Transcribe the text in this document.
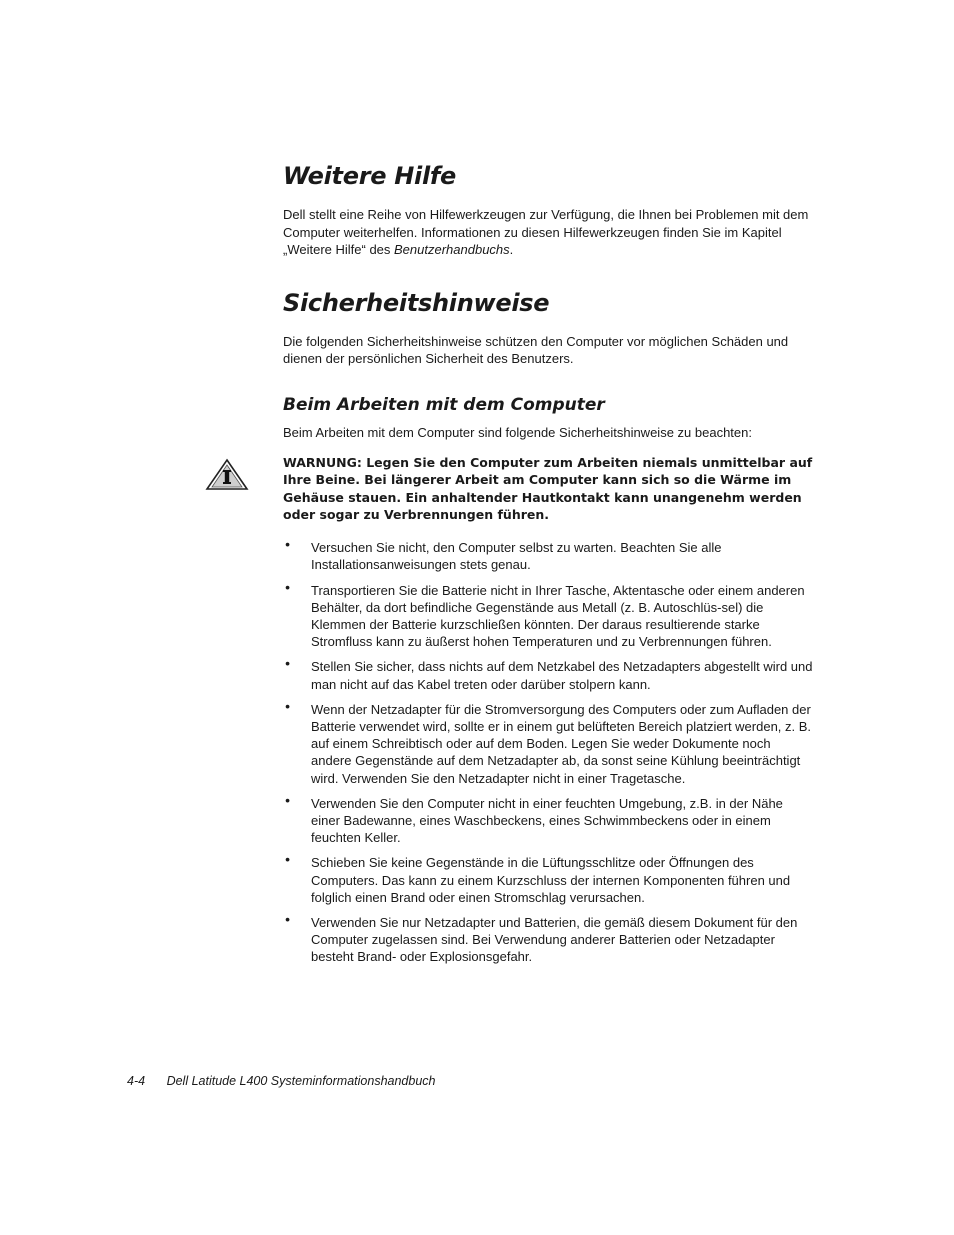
Weitere Hilfe

Dell stellt eine Reihe von Hilfewerkzeugen zur Verfügung, die Ihnen bei Problemen mit dem Computer weiterhelfen. Informationen zu diesen Hilfewerkzeugen finden Sie im Kapitel „Weitere Hilfe“ des Benutzerhandbuchs.

Sicherheitshinweise

Die folgenden Sicherheitshinweise schützen den Computer vor möglichen Schäden und dienen der persönlichen Sicherheit des Benutzers.

Beim Arbeiten mit dem Computer

Beim Arbeiten mit dem Computer sind folgende Sicherheitshinweise zu beachten:

WARNUNG: Legen Sie den Computer zum Arbeiten niemals unmittelbar auf Ihre Beine. Bei längerer Arbeit am Computer kann sich so die Wärme im Gehäuse stauen. Ein anhaltender Hautkontakt kann unangenehm werden oder sogar zu Verbrennungen führen.

• Versuchen Sie nicht, den Computer selbst zu warten. Beachten Sie alle Installationsanweisungen stets genau.
• Transportieren Sie die Batterie nicht in Ihrer Tasche, Aktentasche oder einem anderen Behälter, da dort befindliche Gegenstände aus Metall (z. B. Autoschlüs-sel) die Klemmen der Batterie kurzschließen könnten. Der daraus resultierende starke Stromfluss kann zu äußerst hohen Temperaturen und zu Verbrennungen führen.
• Stellen Sie sicher, dass nichts auf dem Netzkabel des Netzadapters abgestellt wird und man nicht auf das Kabel treten oder darüber stolpern kann.
• Wenn der Netzadapter für die Stromversorgung des Computers oder zum Aufladen der Batterie verwendet wird, sollte er in einem gut belüfteten Bereich platziert werden, z. B. auf einem Schreibtisch oder auf dem Boden. Legen Sie weder Dokumente noch andere Gegenstände auf dem Netzadapter ab, da sonst seine Kühlung beeinträchtigt wird. Verwenden Sie den Netzadapter nicht in einer Tragetasche.
• Verwenden Sie den Computer nicht in einer feuchten Umgebung, z.B. in der Nähe einer Badewanne, eines Waschbeckens, eines Schwimmbeckens oder in einem feuchten Keller.
• Schieben Sie keine Gegenstände in die Lüftungsschlitze oder Öffnungen des Computers. Das kann zu einem Kurzschluss der internen Komponenten führen und folglich einen Brand oder einen Stromschlag verursachen.
• Verwenden Sie nur Netzadapter und Batterien, die gemäß diesem Dokument für den Computer zugelassen sind. Bei Verwendung anderer Batterien oder Netzadapter besteht Brand- oder Explosionsgefahr.
4-4 Dell Latitude L400 Systeminformationshandbuch
